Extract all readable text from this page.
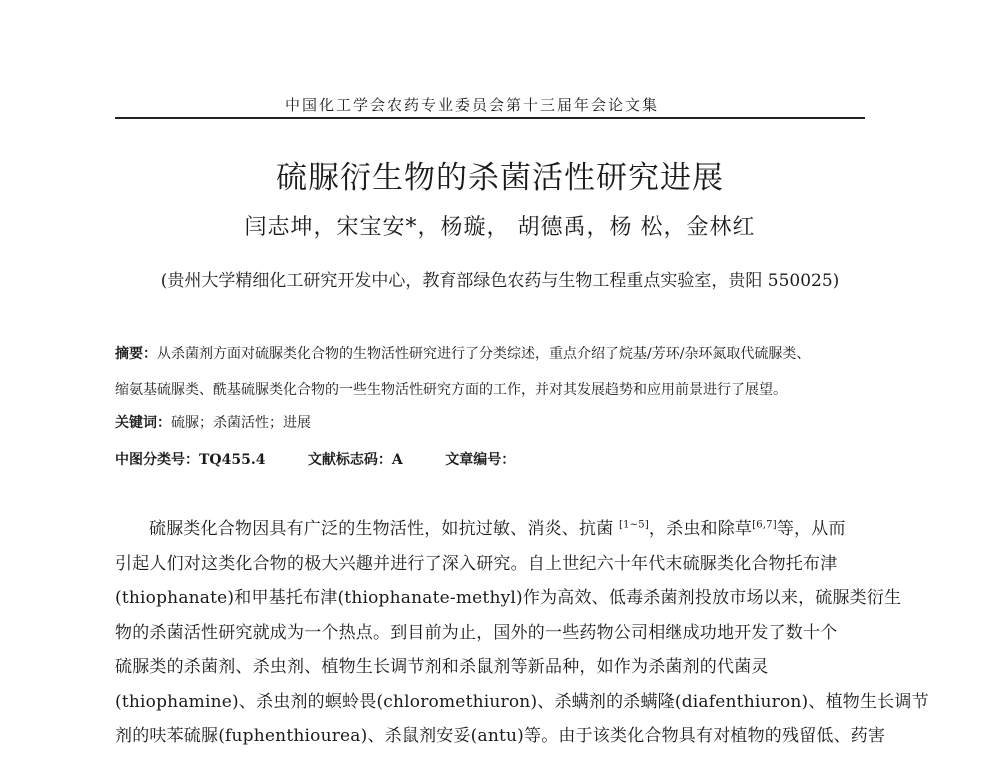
中国化工学会农药专业委员会第十三届年会论文集
硫脲衍生物的杀菌活性研究进展
闫志坤，宋宝安*，杨璇， 胡德禹，杨 松，金林红
(贵州大学精细化工研究开发中心，教育部绿色农药与生物工程重点实验室，贵阳 550025)
摘要：从杀菌剂方面对硫脲类化合物的生物活性研究进行了分类综述，重点介绍了烷基/芳环/杂环氮取代硫脲类、
缩氨基硫脲类、酰基硫脲类化合物的一些生物活性研究方面的工作，并对其发展趋势和应用前景进行了展望。
关键词：硫脲；杀菌活性；进展
中图分类号：TQ455.4	文献标志码：A	文章编号：
硫脲类化合物因具有广泛的生物活性，如抗过敏、消炎、抗菌 [1~5]，杀虫和除草[6,7]等，从而
引起人们对这类化合物的极大兴趣并进行了深入研究。自上世纪六十年代末硫脲类化合物托布津
(thiophanate)和甲基托布津(thiophanate-methyl)作为高效、低毒杀菌剂投放市场以来，硫脲类衍生
物的杀菌活性研究就成为一个热点。到目前为止，国外的一些药物公司相继成功地开发了数十个
硫脲类的杀菌剂、杀虫剂、植物生长调节剂和杀鼠剂等新品种，如作为杀菌剂的代菌灵
(thiophamine)、杀虫剂的螟蛉畏(chloromethiuron)、杀螨剂的杀螨隆(diafenthiuron)、植物生长调节
剂的呋苯硫脲(fuphenthiourea)、杀鼠剂安妥(antu)等。由于该类化合物具有对植物的残留低、药害
